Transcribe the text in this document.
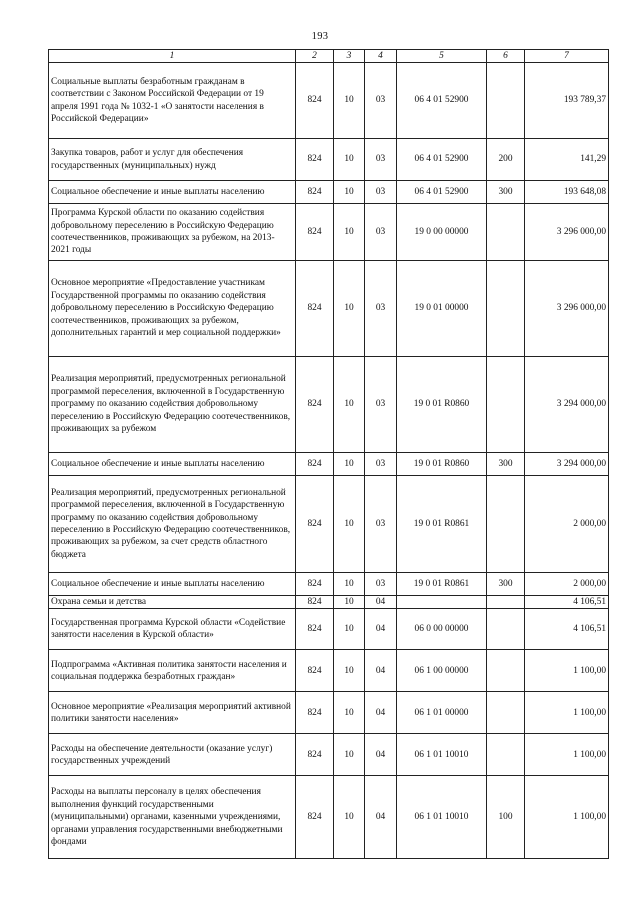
193
1	2	3	4	5	6	7
Социальные выплаты безработным гражданам в соответствии с Законом Российской Федерации от 19 апреля 1991 года № 1032-1 «О занятости населения в Российской Федерации»	824	10	03	06 4 01 52900		193 789,37
Закупка товаров, работ и услуг для обеспечения государственных (муниципальных) нужд	824	10	03	06 4 01 52900	200	141,29
Социальное обеспечение и иные выплаты населению	824	10	03	06 4 01 52900	300	193 648,08
Программа Курской области по оказанию содействия добровольному переселению в Российскую Федерацию соотечественников, проживающих за рубежом, на 2013-2021 годы	824	10	03	19 0 00 00000		3 296 000,00
Основное мероприятие «Предоставление участникам Государственной программы по оказанию содействия добровольному переселению в Российскую Федерацию соотечественников, проживающих за рубежом, дополнительных гарантий и мер социальной поддержки»	824	10	03	19 0 01 00000		3 296 000,00
Реализация мероприятий, предусмотренных региональной программой переселения, включенной в Государственную программу по оказанию содействия добровольному переселению в Российскую Федерацию соотечественников, проживающих за рубежом	824	10	03	19 0 01 R0860		3 294 000,00
Социальное обеспечение и иные выплаты населению	824	10	03	19 0 01 R0860	300	3 294 000,00
Реализация мероприятий, предусмотренных региональной программой переселения, включенной в Государственную программу по оказанию содействия добровольному переселению в Российскую Федерацию соотечественников, проживающих за рубежом, за счет средств областного бюджета	824	10	03	19 0 01 R0861		2 000,00
Социальное обеспечение и иные выплаты населению	824	10	03	19 0 01 R0861	300	2 000,00
Охрана семьи и детства	824	10	04			4 106,51
Государственная программа Курской области «Содействие занятости населения в Курской области»	824	10	04	06 0 00 00000		4 106,51
Подпрограмма «Активная политика занятости населения и социальная поддержка безработных граждан»	824	10	04	06 1 00 00000		1 100,00
Основное мероприятие «Реализация мероприятий активной политики занятости населения»	824	10	04	06 1 01 00000		1 100,00
Расходы на обеспечение деятельности (оказание услуг) государственных учреждений	824	10	04	06 1 01 10010		1 100,00
Расходы на выплаты персоналу в целях обеспечения выполнения функций государственными (муниципальными) органами, казенными учреждениями, органами управления государственными внебюджетными фондами	824	10	04	06 1 01 10010	100	1 100,00
